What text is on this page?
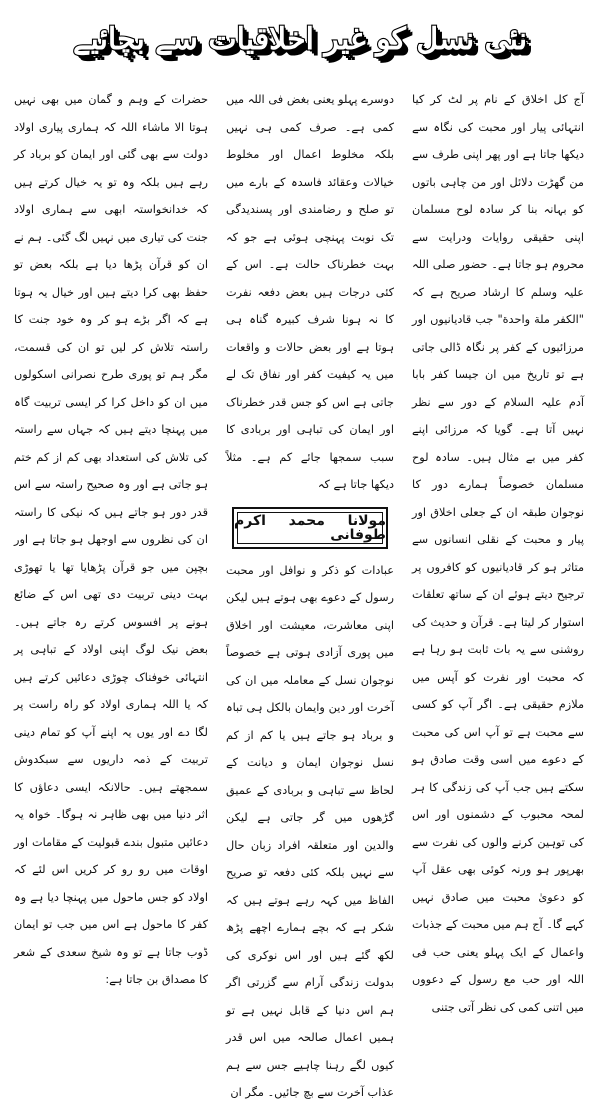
نئی نسل کو غیر اخلاقیات سے بچائیے

آج کل اخلاق کے نام پر لٹ کر کیا انتہائی پیار اور محبت کی نگاہ سے دیکھا جاتا ہے اور پھر اپنی طرف سے من گھڑت دلائل اور من چاہی باتوں کو بہانہ بنا کر سادہ لوح مسلمان اپنی حقیقی روایات ودرایت سے محروم ہو جاتا ہے۔ حضور صلی اللہ علیہ وسلم کا ارشاد صریح ہے کہ "الکفر ملة واحدة" جب قادیانیوں اور مرزائیوں کے کفر پر نگاہ ڈالی جاتی ہے تو تاریخ میں ان جیسا کفر بابا آدم علیہ السلام کے دور سے نظر نہیں آتا ہے۔ گویا کہ مرزائی اپنے کفر میں بے مثال ہیں۔ سادہ لوح مسلمان خصوصاً ہمارے دور کا نوجوان طبقہ ان کے جعلی اخلاق اور پیار و محبت کے نقلی انسانوں سے متاثر ہو کر قادیانیوں کو کافروں پر ترجیح دیتے ہوئے ان کے ساتھ تعلقات استوار کر لیتا ہے۔ قرآن و حدیث کی روشنی سے یہ بات ثابت ہو رہا ہے کہ محبت اور نفرت کو آپس میں ملازم حقیقی ہے۔ اگر آپ کو کسی سے محبت ہے تو آپ اس کی محبت کے دعوے میں اسی وقت صادق ہو سکتے ہیں جب آپ کی زندگی کا ہر لمحہ محبوب کے دشمنوں اور اس کی توہین کرنے والوں کی نفرت سے بھرپور ہو ورنہ کوئی بھی عقل آپ کو دعویٰ محبت میں صادق نہیں کہے گا۔ آج ہم میں محبت کے جذبات واعمال کے ایک پہلو یعنی حب فی اللہ اور حب مع رسول کے دعووں میں اتنی کمی کی نظر آتی جتنی

دوسرے پہلو یعنی بغض فی اللہ میں کمی ہے۔ صرف کمی ہی نہیں بلکہ مخلوط اعمال اور مخلوط خیالات وعقائد فاسدہ کے بارے میں تو صلح و رضامندی اور پسندیدگی تک نوبت پہنچی ہوئی ہے جو کہ بہت خطرناک حالت ہے۔ اس کے کئی درجات ہیں بعض دفعہ نفرت کا نہ ہونا شرف کبیرہ گناہ ہی ہوتا ہے اور بعض حالات و واقعات میں یہ کیفیت کفر اور نفاق تک لے جاتی ہے اس کو جس قدر خطرناک اور ایمان کی تباہی اور بربادی کا سبب سمجھا جائے کم ہے۔ مثلاً دیکھا جاتا ہے کہ

مولانا محمد اکرم طوفانی

عبادات کو ذکر و نوافل اور محبت رسول کے دعوے بھی ہوتے ہیں لیکن اپنی معاشرت، معیشت اور اخلاق میں پوری آزادی ہوتی ہے خصوصاً نوجوان نسل کے معاملہ میں ان کی آخرت اور دین وایمان بالکل ہی تباہ و برباد ہو جاتے ہیں یا کم از کم نسل نوجوان ایمان و دیانت کے لحاظ سے تباہی و بربادی کے عمیق گڑھوں میں گر جاتی ہے لیکن والدین اور متعلقہ افراد زبان حال سے نہیں بلکہ کئی دفعہ تو صریح الفاظ میں کہہ رہے ہوتے ہیں کہ شکر ہے کہ بچے ہمارے اچھے پڑھ لکھ گئے ہیں اور اس نوکری کی بدولت زندگی آرام سے گزرتی اگر ہم اس دنیا کے قابل نہیں ہے تو ہمیں اعمال صالحہ میں اس قدر کیوں لگے رہنا چاہیے جس سے ہم عذاب آخرت سے بچ جائیں۔ مگر ان

حضرات کے وہم و گمان میں بھی نہیں ہوتا الا ماشاء اللہ کہ ہماری پیاری اولاد دولت سے بھی گئی اور ایمان کو برباد کر رہے ہیں بلکہ وہ تو یہ خیال کرتے ہیں کہ خدانخواستہ ابھی سے ہماری اولاد جنت کی تیاری میں نہیں لگ گئی۔ ہم نے ان کو قرآن پڑھا دیا ہے بلکہ بعض تو حفظ بھی کرا دیتے ہیں اور خیال یہ ہوتا ہے کہ اگر بڑے ہو کر وہ خود جنت کا راستہ تلاش کر لیں تو ان کی قسمت، مگر ہم تو پوری طرح نصرانی اسکولوں میں ان کو داخل کرا کر ایسی تربیت گاہ میں پہنچا دیتے ہیں کہ جہاں سے راستہ کی تلاش کی استعداد بھی کم از کم ختم ہو جاتی ہے اور وہ صحیح راستہ سے اس قدر دور ہو جاتے ہیں کہ نیکی کا راستہ ان کی نظروں سے اوجھل ہو جاتا ہے اور بچپن میں جو قرآن پڑھایا تھا یا تھوڑی بہت دینی تربیت دی تھی اس کے ضائع ہونے پر افسوس کرتے رہ جاتے ہیں۔ بعض نیک لوگ اپنی اولاد کے تباہی پر انتہائی خوفناک چوڑی دعائیں کرتے ہیں کہ یا اللہ ہماری اولاد کو راہ راست پر لگا دے اور یوں یہ اپنے آپ کو تمام دینی تربیت کے ذمہ داریوں سے سبکدوش سمجھتے ہیں۔ حالانکہ ایسی دعاؤں کا اثر دنیا میں بھی ظاہر نہ ہوگا۔ خواہ یہ دعائیں متبول بندے قبولیت کے مقامات اور اوقات میں رو رو کر کریں اس لئے کہ اولاد کو جس ماحول میں پہنچا دیا ہے وہ کفر کا ماحول ہے اس میں جب تو ایمان ڈوب جاتا ہے تو وہ شیخ سعدی کے شعر کا مصداق بن جاتا ہے:
